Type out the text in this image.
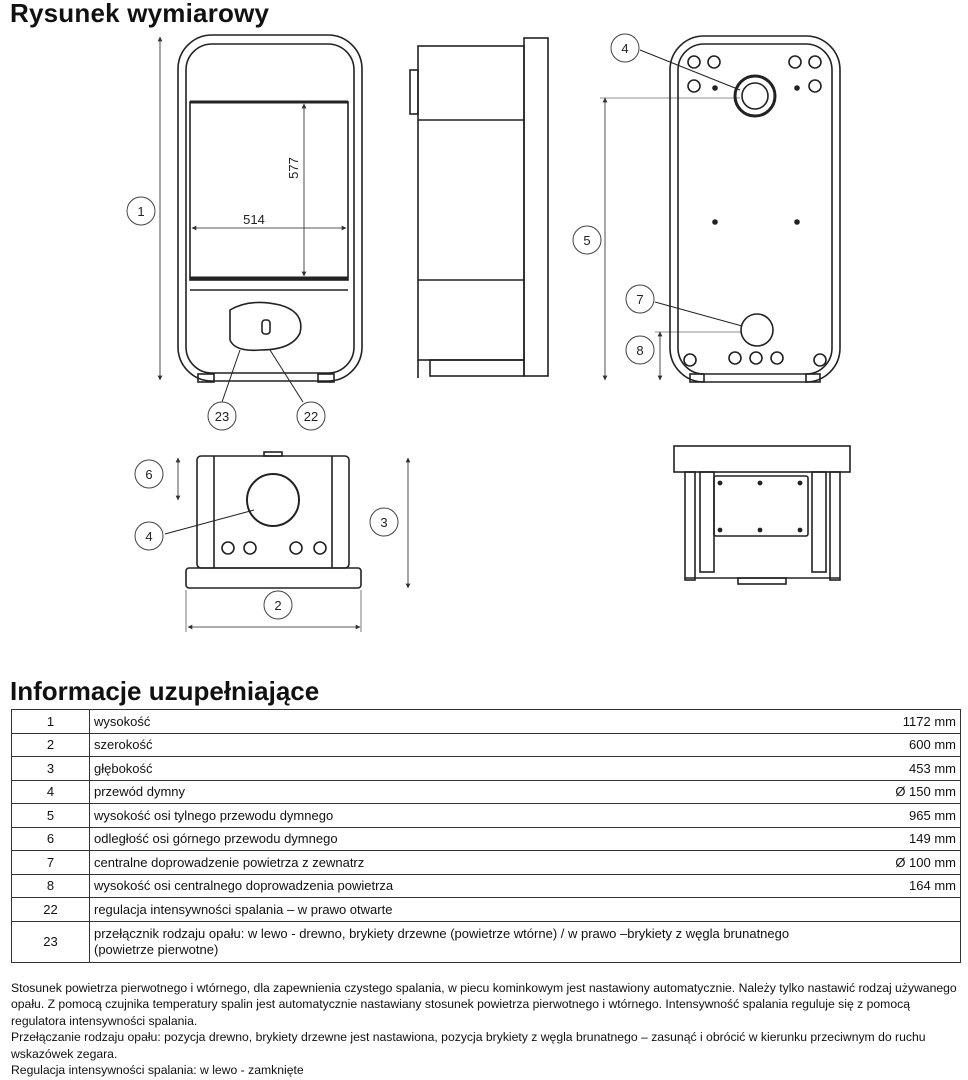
Rysunek wymiarowy
514
577
1
23	22
4
5
7
8
6
4
3
2
Informacje uzupełniające
1	wysokość	1172 mm
2	szerokość	600 mm
3	głębokość	453 mm
4	przewód dymny	Ø 150 mm
5	wysokość osi tylnego przewodu dymnego	965 mm
6	odległość osi górnego przewodu dymnego	149 mm
7	centralne doprowadzenie powietrza z zewnatrz	Ø 100 mm
8	wysokość osi centralnego doprowadzenia powietrza	164 mm
22	regulacja intensywności spalania – w prawo otwarte	
23	przełącznik rodzaju opału: w lewo - drewno, brykiety drzewne (powietrze wtórne) / w prawo –brykiety z węgla brunatnego (powietrze pierwotne)	

Stosunek powietrza pierwotnego i wtórnego, dla zapewnienia czystego spalania, w piecu kominkowym jest nastawiony automatycznie. Należy tylko nastawić rodzaj używanego opału. Z pomocą czujnika temperatury spalin jest automatycznie nastawiany stosunek powietrza pierwotnego i wtórnego. Intensywność spalania reguluje się z pomocą regulatora intensywności spalania.

Przełączanie rodzaju opału: pozycja drewno, brykiety drzewne jest nastawiona, pozycja brykiety z węgla brunatnego – zasunąć i obrócić w kierunku przeciwnym do ruchu wskazówek zegara.

Regulacja intensywności spalania: w lewo - zamknięte
